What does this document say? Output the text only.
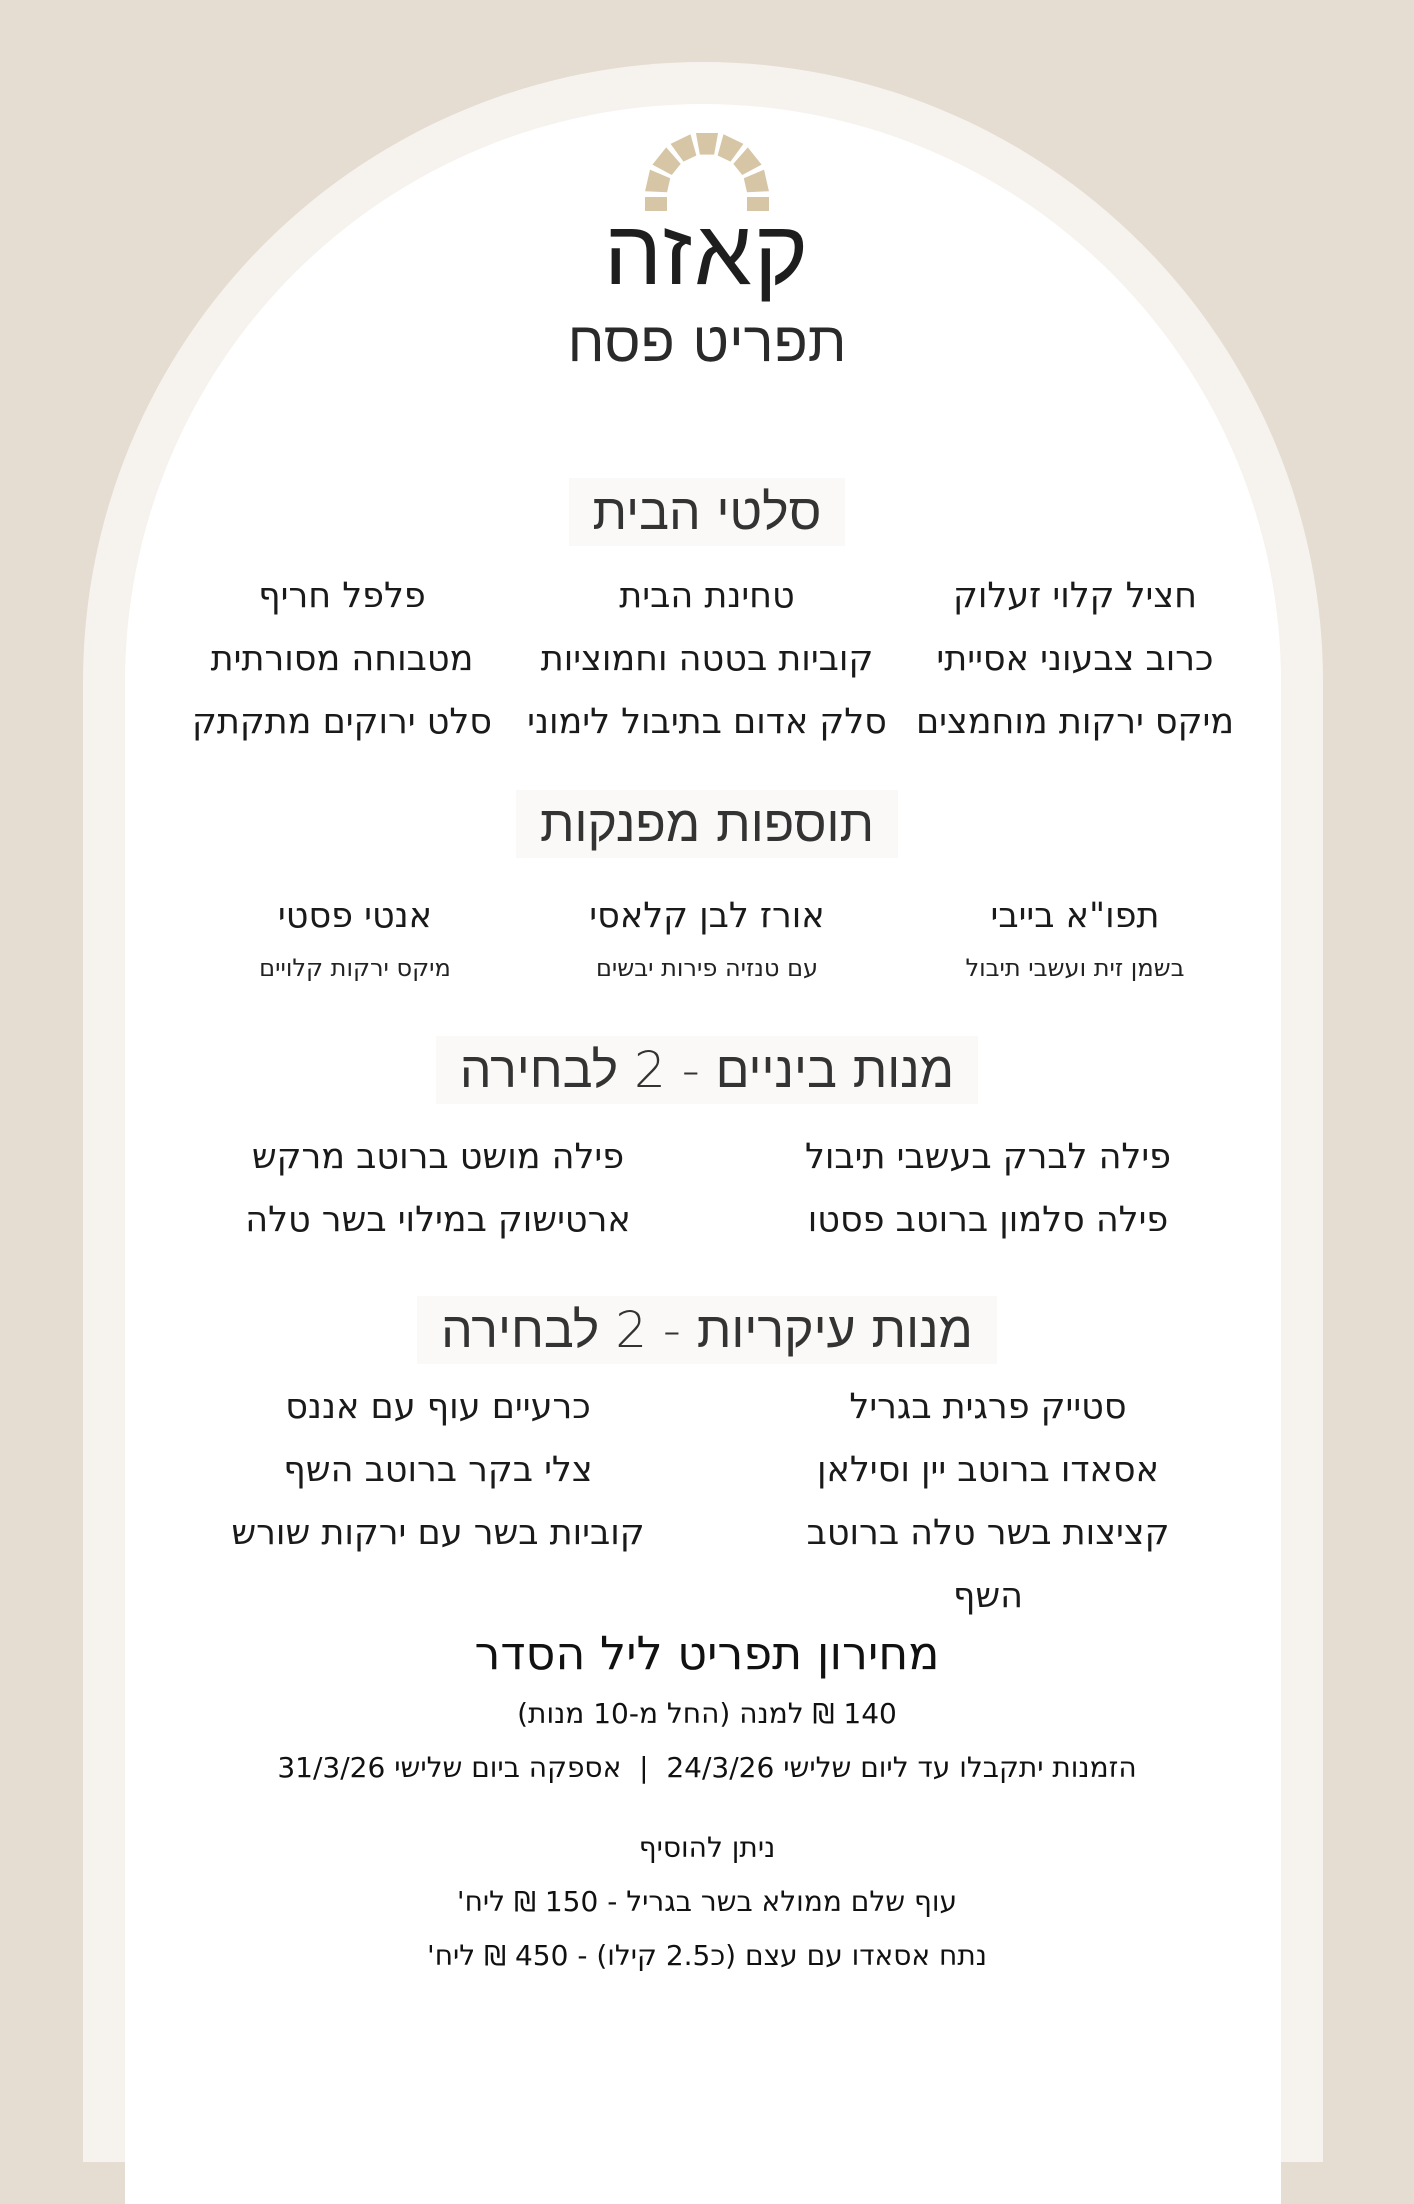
קאזה
תפריט פסח
סלטי הבית
חציל קלוי זעלוק
כרוב צבעוני אסייתי
מיקס ירקות מוחמצים
טחינת הבית
קוביות בטטה וחמוציות
סלק אדום בתיבול לימוני
פלפל חריף
מטבוחה מסורתית
סלט ירוקים מתקתק
תוספות מפנקות
תפו"א בייבי
בשמן זית ועשבי תיבול
אורז לבן קלאסי
עם טנזיה פירות יבשים
אנטי פסטי
מיקס ירקות קלויים
מנות ביניים - 2 לבחירה
פילה לברק בעשבי תיבול
פילה סלמון ברוטב פסטו
פילה מושט ברוטב מרקש
ארטישוק במילוי בשר טלה
מנות עיקריות - 2 לבחירה
סטייק פרגית בגריל
אסאדו ברוטב יין וסילאן
קציצות בשר טלה ברוטב השף
כרעיים עוף עם אננס
צלי בקר ברוטב השף
קוביות בשר עם ירקות שורש
מחירון תפריט ליל הסדר
140 ₪ למנה (החל מ-10 מנות)
הזמנות יתקבלו עד ליום שלישי 24/3/26  |  אספקה ביום שלישי 31/3/26
ניתן להוסיף
עוף שלם ממולא בשר בגריל - 150 ₪ ליח'
נתח אסאדו עם עצם (כ2.5 קילו) - 450 ₪ ליח'
